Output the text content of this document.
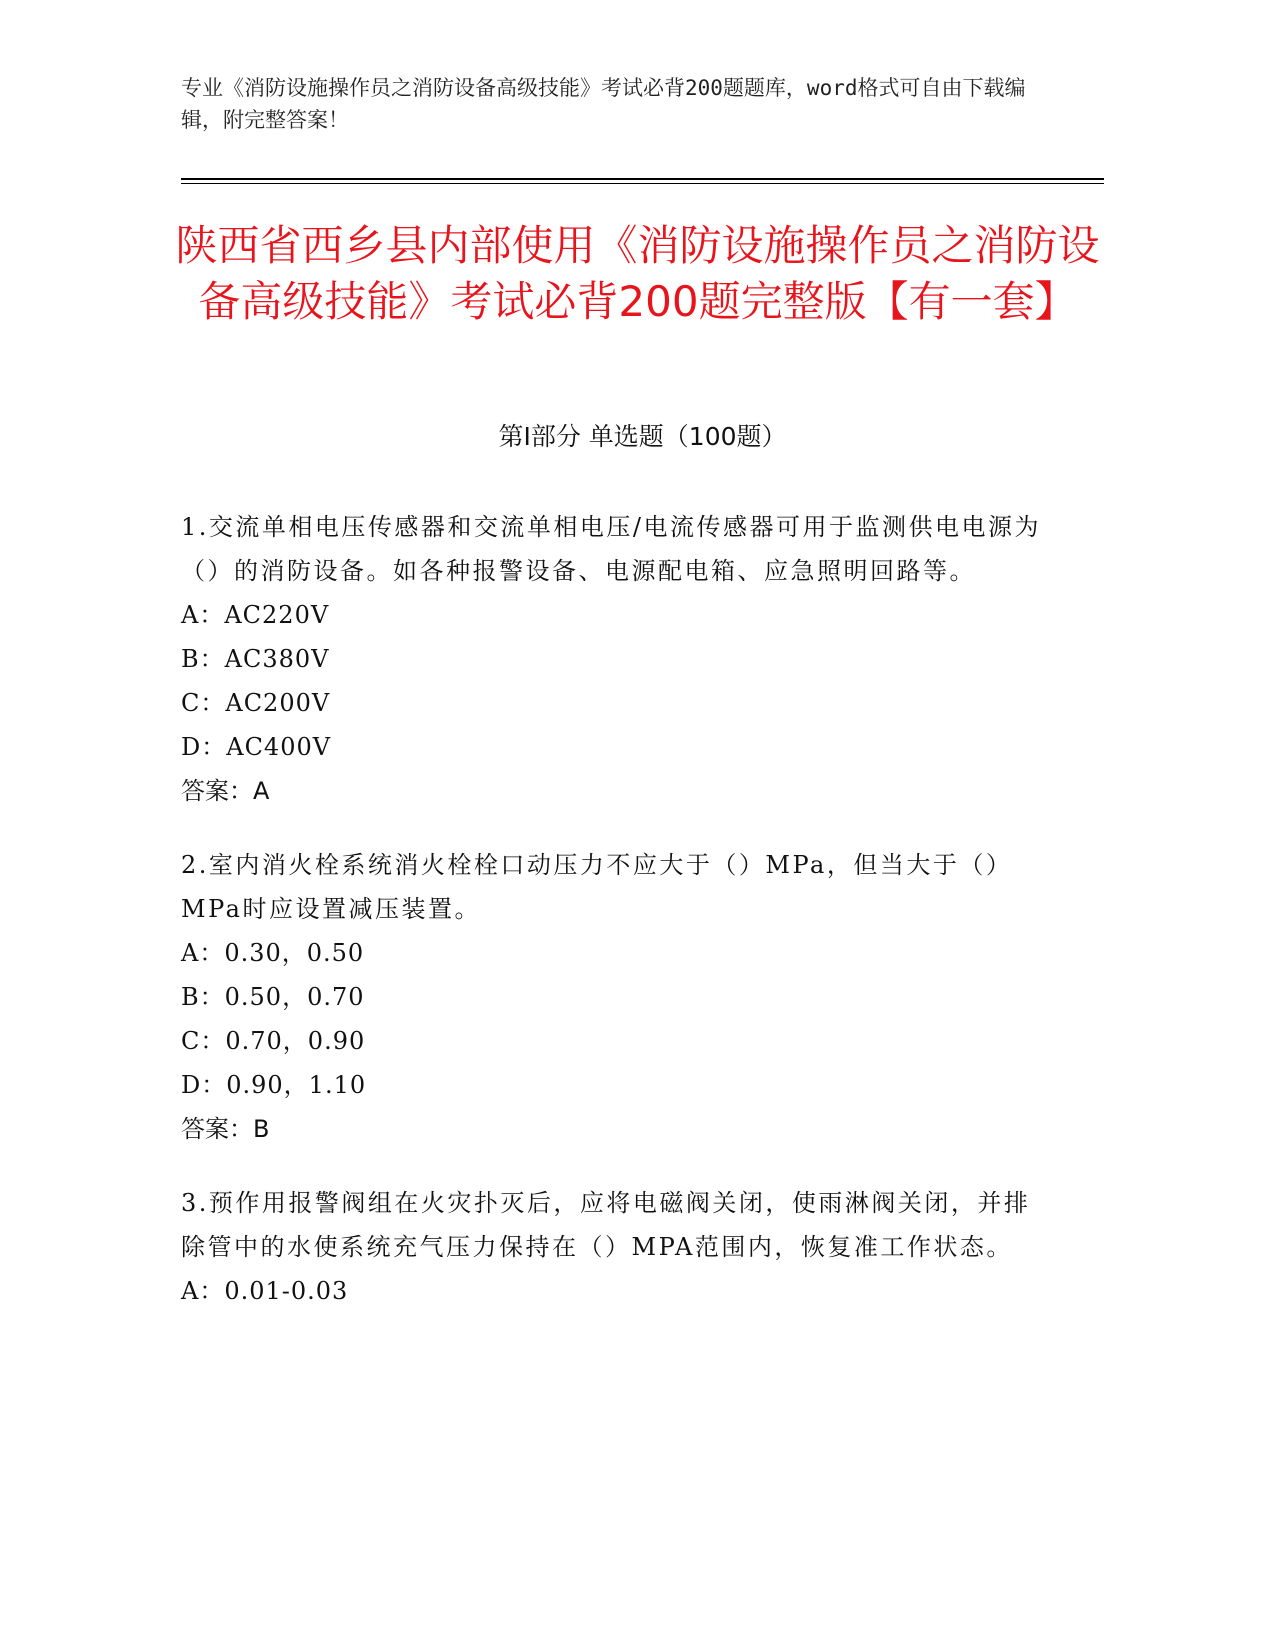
专业《消防设施操作员之消防设备高级技能》考试必背200题题库，word格式可自由下载编辑，附完整答案！
陕西省西乡县内部使用《消防设施操作员之消防设备高级技能》考试必背200题完整版【有一套】
第Ⅰ部分 单选题（100题）
1.交流单相电压传感器和交流单相电压/电流传感器可用于监测供电电源为（）的消防设备。如各种报警设备、电源配电箱、应急照明回路等。
A：AC220V
B：AC380V
C：AC200V
D：AC400V
答案：A
2.室内消火栓系统消火栓栓口动压力不应大于（）MPa，但当大于（）MPa时应设置减压装置。
A：0.30，0.50
B：0.50，0.70
C：0.70，0.90
D：0.90，1.10
答案：B
3.预作用报警阀组在火灾扑灭后，应将电磁阀关闭，使雨淋阀关闭，并排除管中的水使系统充气压力保持在（）MPA范围内，恢复准工作状态。
A：0.01-0.03
